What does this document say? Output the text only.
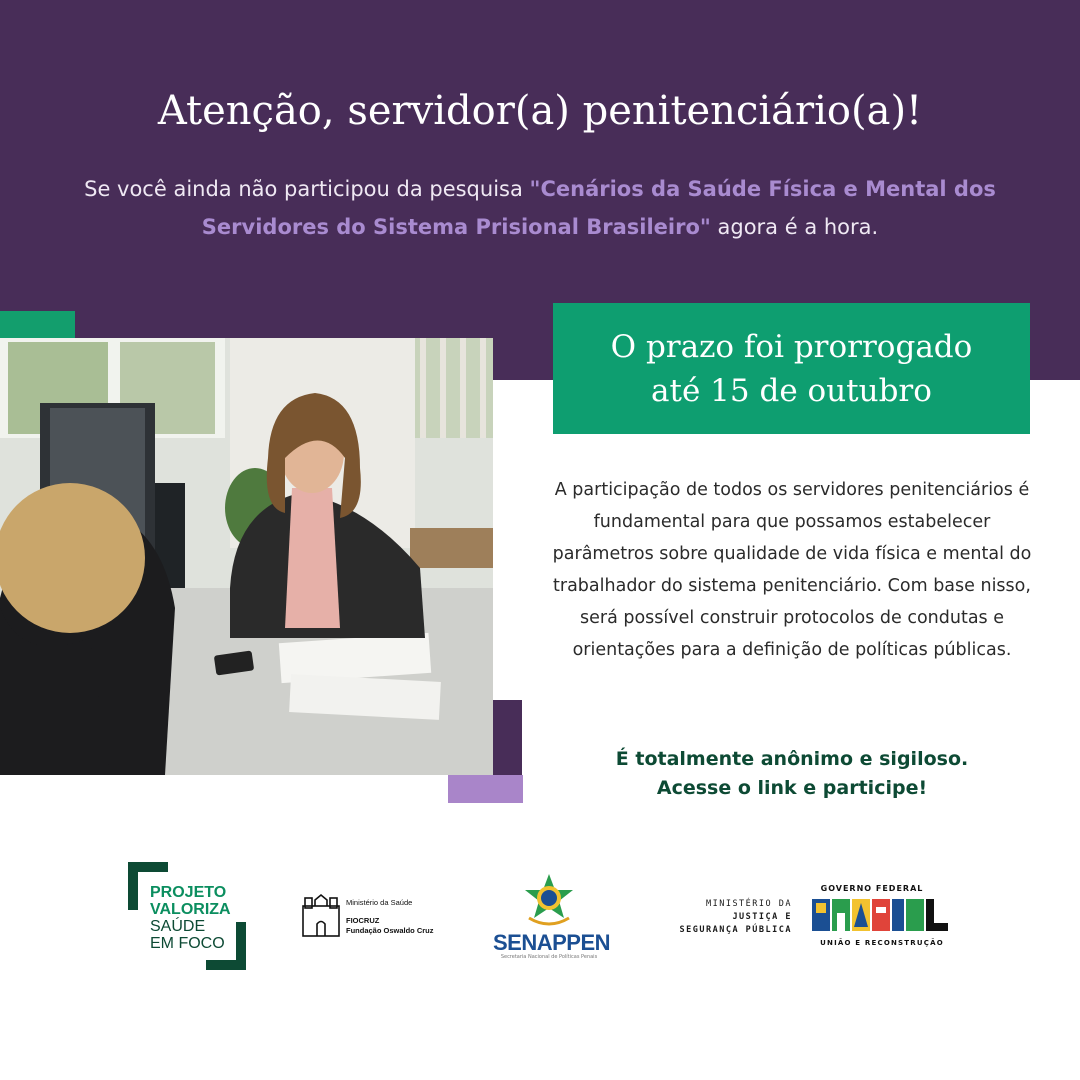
Atenção, servidor(a) penitenciário(a)!
Se você ainda não participou da pesquisa "Cenários da Saúde Física e Mental dos Servidores do Sistema Prisional Brasileiro" agora é a hora.
O prazo foi prorrogado
até 15 de outubro
A participação de todos os servidores penitenciários é fundamental para que possamos estabelecer parâmetros sobre qualidade de vida física e mental do trabalhador do sistema penitenciário. Com base nisso, será possível construir protocolos de condutas e orientações para a definição de políticas públicas.
É totalmente anônimo e sigiloso.
Acesse o link e participe!
PROJETO
VALORIZA
SAÚDE
EM FOCO
Ministério da Saúde
FIOCRUZ
Fundação Oswaldo Cruz	SENAPPEN
Secretaria Nacional de Políticas Penais
MINISTÉRIO DA
JUSTIÇA E
SEGURANÇA PÚBLICA
GOVERNO FEDERAL
UNIÃO E RECONSTRUÇÃO
